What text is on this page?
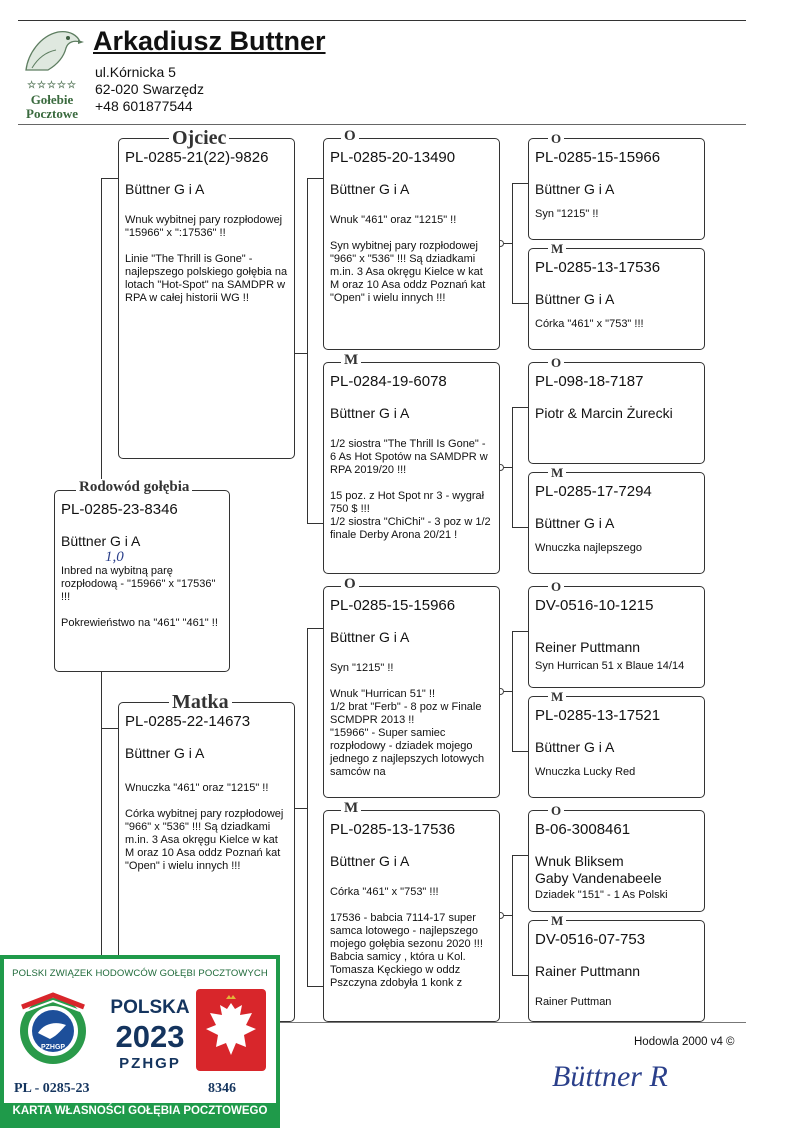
☆☆☆☆☆
Gołebie
Pocztowe
Arkadiusz Buttner
ul.Kórnicka 5
62-020 Swarzędz
+48 601877544
PL-0285-23-8346
Büttner G i A
1,0
Inbred na wybitną parę rozpłodową - "15966" x "17536" !!!

Pokrewieństwo na "461" "461" !!
Rodowód gołębia
PL-0285-21(22)-9826
Büttner G i A
Wnuk wybitnej pary rozpłodowej "15966" x ":17536" !!

Linie "The Thrill is Gone" - najlepszego polskiego gołębia na lotach "Hot-Spot" na SAMDPR w RPA w całej historii WG !!
Ojciec
PL-0285-22-14673
Büttner G i A
Wnuczka "461" oraz "1215" !!

Córka wybitnej pary rozpłodowej "966" x "536" !!! Są dziadkami m.in. 3 Asa okręgu Kielce w kat M oraz 10 Asa oddz Poznań kat "Open" i wielu innych !!!
Matka
PL-0285-20-13490
Büttner G i A
Wnuk "461" oraz "1215" !!

Syn wybitnej pary rozpłodowej "966" x "536" !!! Są dziadkami m.in. 3 Asa okręgu Kielce w kat M oraz 10 Asa oddz Poznań kat "Open" i wielu innych !!!
O
PL-0284-19-6078
Büttner G i A
1/2 siostra "The Thrill Is Gone" - 6 As Hot Spotów na SAMDPR w RPA 2019/20 !!!

15 poz. z Hot Spot nr 3 - wygrał
750 $ !!!
1/2 siostra "ChiChi" - 3 poz w 1/2 finale Derby Arona 20/21 !
M
PL-0285-15-15966
Büttner G i A
Syn "1215" !!

Wnuk "Hurrican 51" !!
1/2 brat "Ferb" - 8 poz w Finale SCMDPR 2013 !!
"15966" - Super samiec rozpłodowy - dziadek mojego jednego z najlepszych lotowych samców na
O
PL-0285-13-17536
Büttner G i A
Córka "461" x "753" !!!

17536 - babcia 7114-17 super samca lotowego - najlepszego mojego gołębia sezonu 2020 !!!
Babcia samicy , która u Kol. Tomasza Kęckiego w oddz Pszczyna zdobyła 1 konk z
M
PL-0285-15-15966
Büttner G i A
Syn "1215" !!
O
PL-0285-13-17536
Büttner G i A
Córka "461" x "753" !!!
M
PL-098-18-7187
Piotr & Marcin Żurecki
O
PL-0285-17-7294
Büttner G i A
Wnuczka najlepszego
M
DV-0516-10-1215
Reiner Puttmann
Syn Hurrican 51 x Blaue 14/14
O
PL-0285-13-17521
Büttner G i A
Wnuczka Lucky Red
M
B-06-3008461
Wnuk Bliksem
Gaby Vandenabeele
Dziadek "151" - 1 As Polski
O
DV-0516-07-753
Rainer Puttmann
Rainer Puttman
M
Hodowla 2000 v4 ©
Büttner R
POLSKI ZWIĄZEK HODOWCÓW GOŁĘBI POCZTOWYCH
PZHGP
POLSKA
2023
PZHGP
PL - 0285-23	8346
KARTA WŁASNOŚCI GOŁĘBIA POCZTOWEGO
